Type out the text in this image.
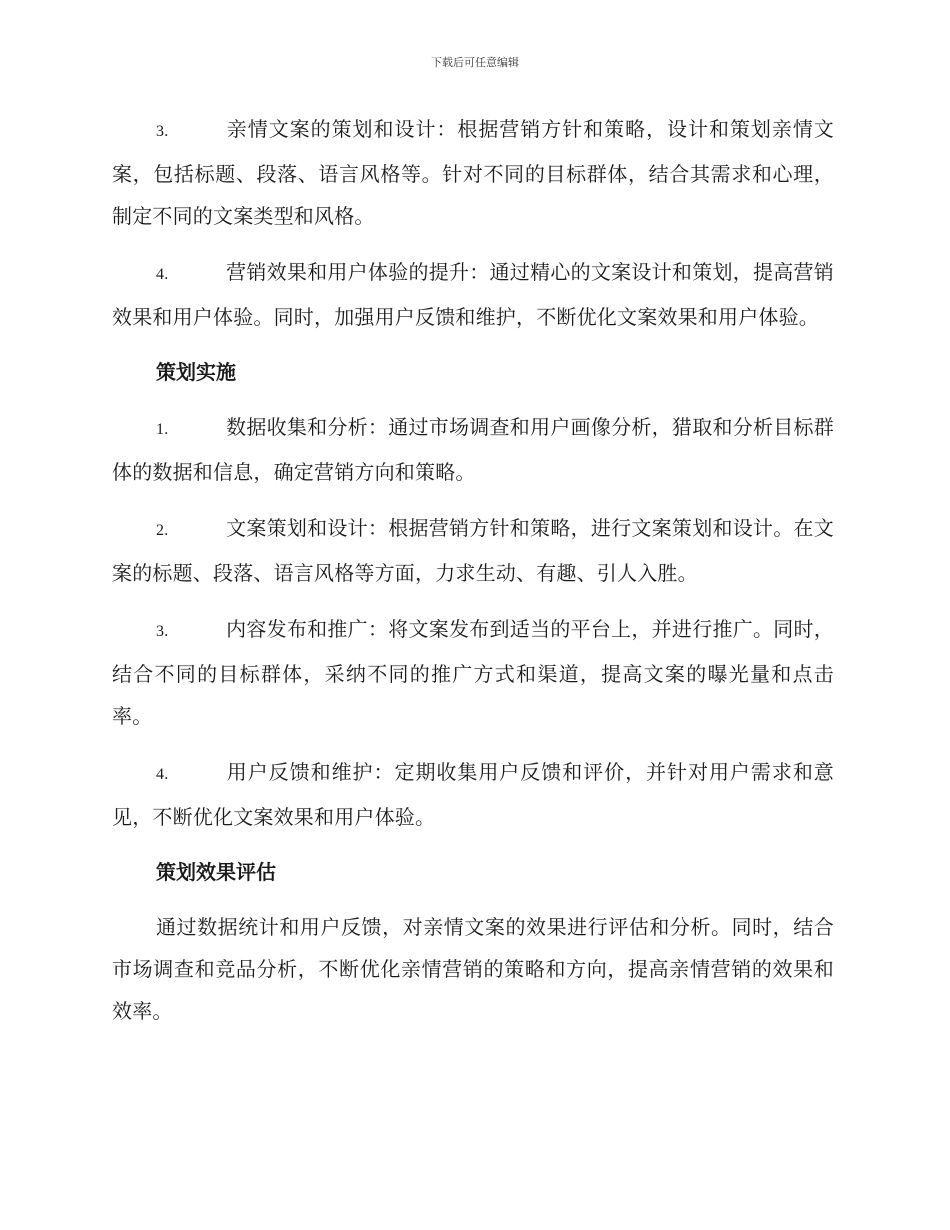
下载后可任意编辑

3.	亲情文案的策划和设计：根据营销方针和策略，设计和策划亲情文案，包括标题、段落、语言风格等。针对不同的目标群体，结合其需求和心理，制定不同的文案类型和风格。

4.	营销效果和用户体验的提升：通过精心的文案设计和策划，提高营销效果和用户体验。同时，加强用户反馈和维护，不断优化文案效果和用户体验。

策划实施

1.	数据收集和分析：通过市场调查和用户画像分析，猎取和分析目标群体的数据和信息，确定营销方向和策略。

2.	文案策划和设计：根据营销方针和策略，进行文案策划和设计。在文案的标题、段落、语言风格等方面，力求生动、有趣、引人入胜。

3.	内容发布和推广：将文案发布到适当的平台上，并进行推广。同时，结合不同的目标群体，采纳不同的推广方式和渠道，提高文案的曝光量和点击率。

4.	用户反馈和维护：定期收集用户反馈和评价，并针对用户需求和意见，不断优化文案效果和用户体验。

策划效果评估

通过数据统计和用户反馈，对亲情文案的效果进行评估和分析。同时，结合市场调查和竞品分析，不断优化亲情营销的策略和方向，提高亲情营销的效果和效率。
